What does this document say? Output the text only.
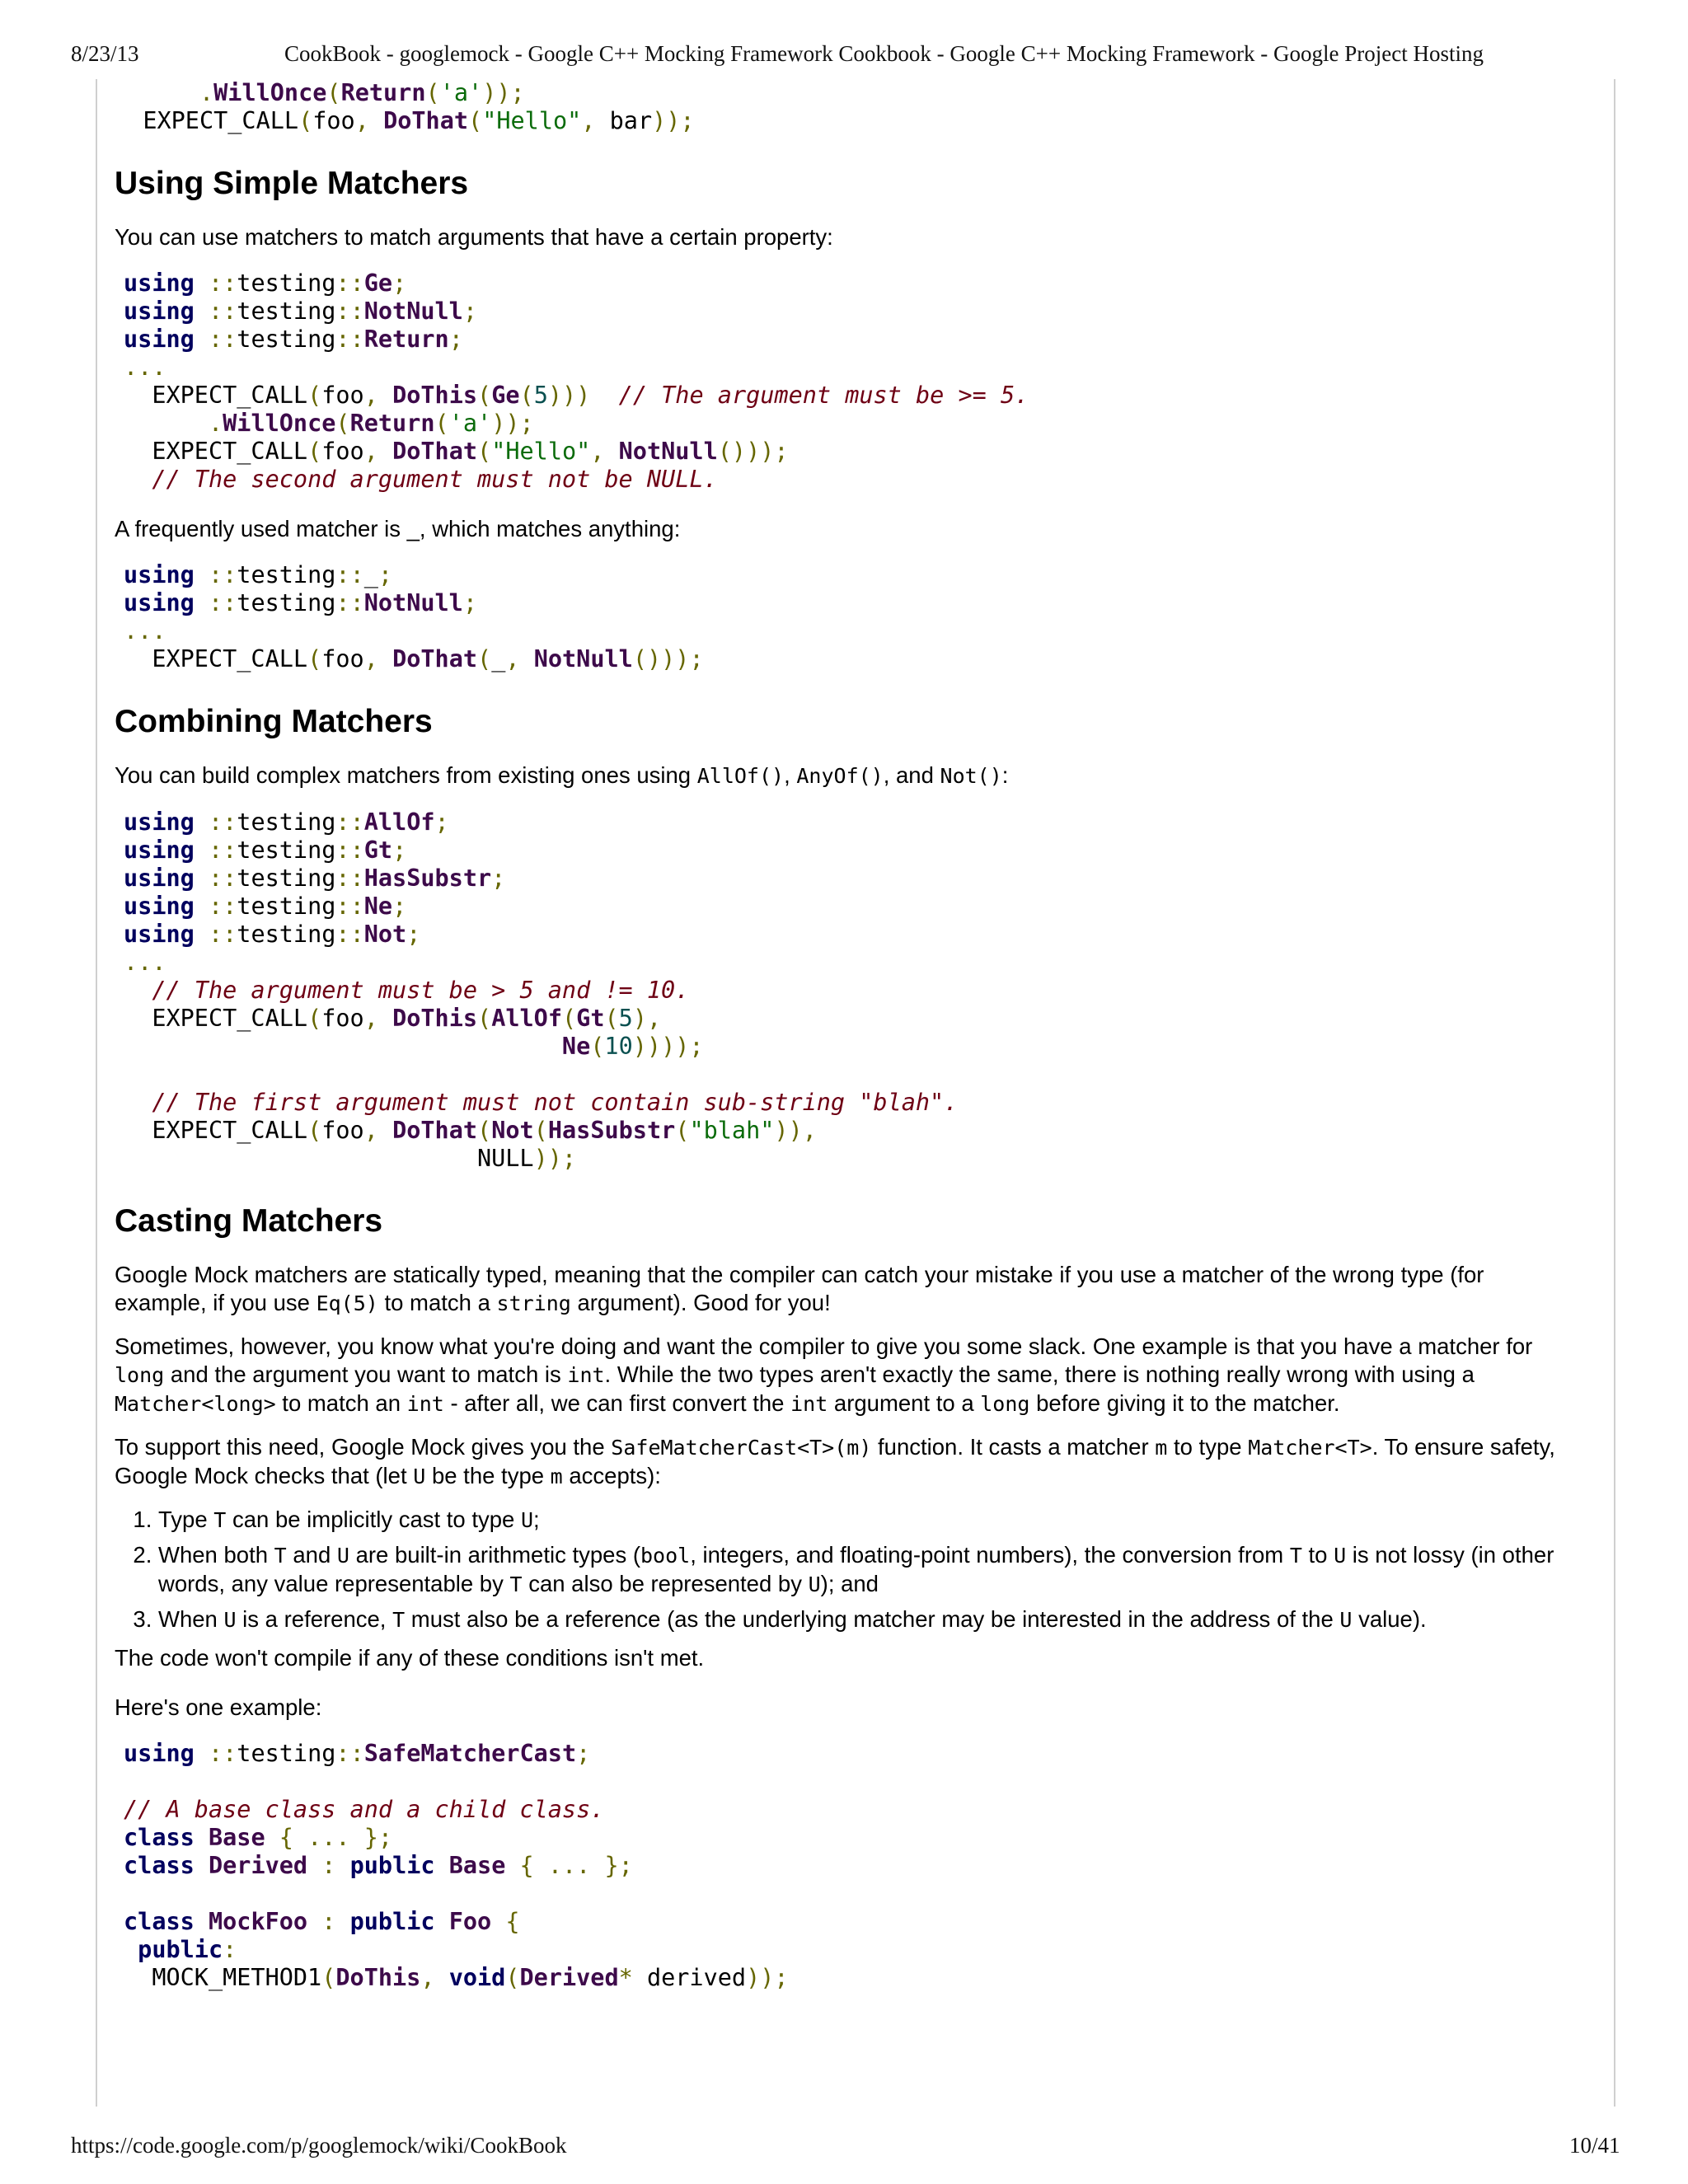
8/23/13	CookBook - googlemock - Google C++ Mocking Framework Cookbook - Google C++ Mocking Framework - Google Project Hosting
.WillOnce(Return('a'));
EXPECT_CALL(foo, DoThat("Hello", bar));
Using Simple Matchers

You can use matchers to match arguments that have a certain property:

using ::testing::Ge;
using ::testing::NotNull;
using ::testing::Return;
...
EXPECT_CALL(foo, DoThis(Ge(5))) // The argument must be >= 5.
.WillOnce(Return('a'));
EXPECT_CALL(foo, DoThat("Hello", NotNull()));
// The second argument must not be NULL.

A frequently used matcher is _, which matches anything:

using ::testing::_;
using ::testing::NotNull;
...
EXPECT_CALL(foo, DoThat(_, NotNull()));
Combining Matchers

You can build complex matchers from existing ones using AllOf(), AnyOf(), and Not():

using ::testing::AllOf;
using ::testing::Gt;
using ::testing::HasSubstr;
using ::testing::Ne;
using ::testing::Not;
...
// The argument must be > 5 and != 10.
EXPECT_CALL(foo, DoThis(AllOf(Gt(5),
Ne(10))));

// The first argument must not contain sub-string "blah".
EXPECT_CALL(foo, DoThat(Not(HasSubstr("blah")),
NULL));
Casting Matchers

Google Mock matchers are statically typed, meaning that the compiler can catch your mistake if you use a matcher of the wrong type (for example, if you use Eq(5) to match a string argument). Good for you!

Sometimes, however, you know what you're doing and want the compiler to give you some slack. One example is that you have a matcher for long and the argument you want to match is int. While the two types aren't exactly the same, there is nothing really wrong with using a Matcher<long> to match an int - after all, we can first convert the int argument to a long before giving it to the matcher.

To support this need, Google Mock gives you the SafeMatcherCast<T>(m) function. It casts a matcher m to type Matcher<T>. To ensure safety, Google Mock checks that (let U be the type m accepts):

1. Type T can be implicitly cast to type U;
2. When both T and U are built-in arithmetic types (bool, integers, and floating-point numbers), the conversion from T to U is not lossy (in other words, any value representable by T can also be represented by U); and
3. When U is a reference, T must also be a reference (as the underlying matcher may be interested in the address of the U value).

The code won't compile if any of these conditions isn't met.

Here's one example:

using ::testing::SafeMatcherCast;

// A base class and a child class.
class Base { ... };
class Derived : public Base { ... };

class MockFoo : public Foo {
public:
MOCK_METHOD1(DoThis, void(Derived* derived));
https://code.google.com/p/googlemock/wiki/CookBook	10/41
